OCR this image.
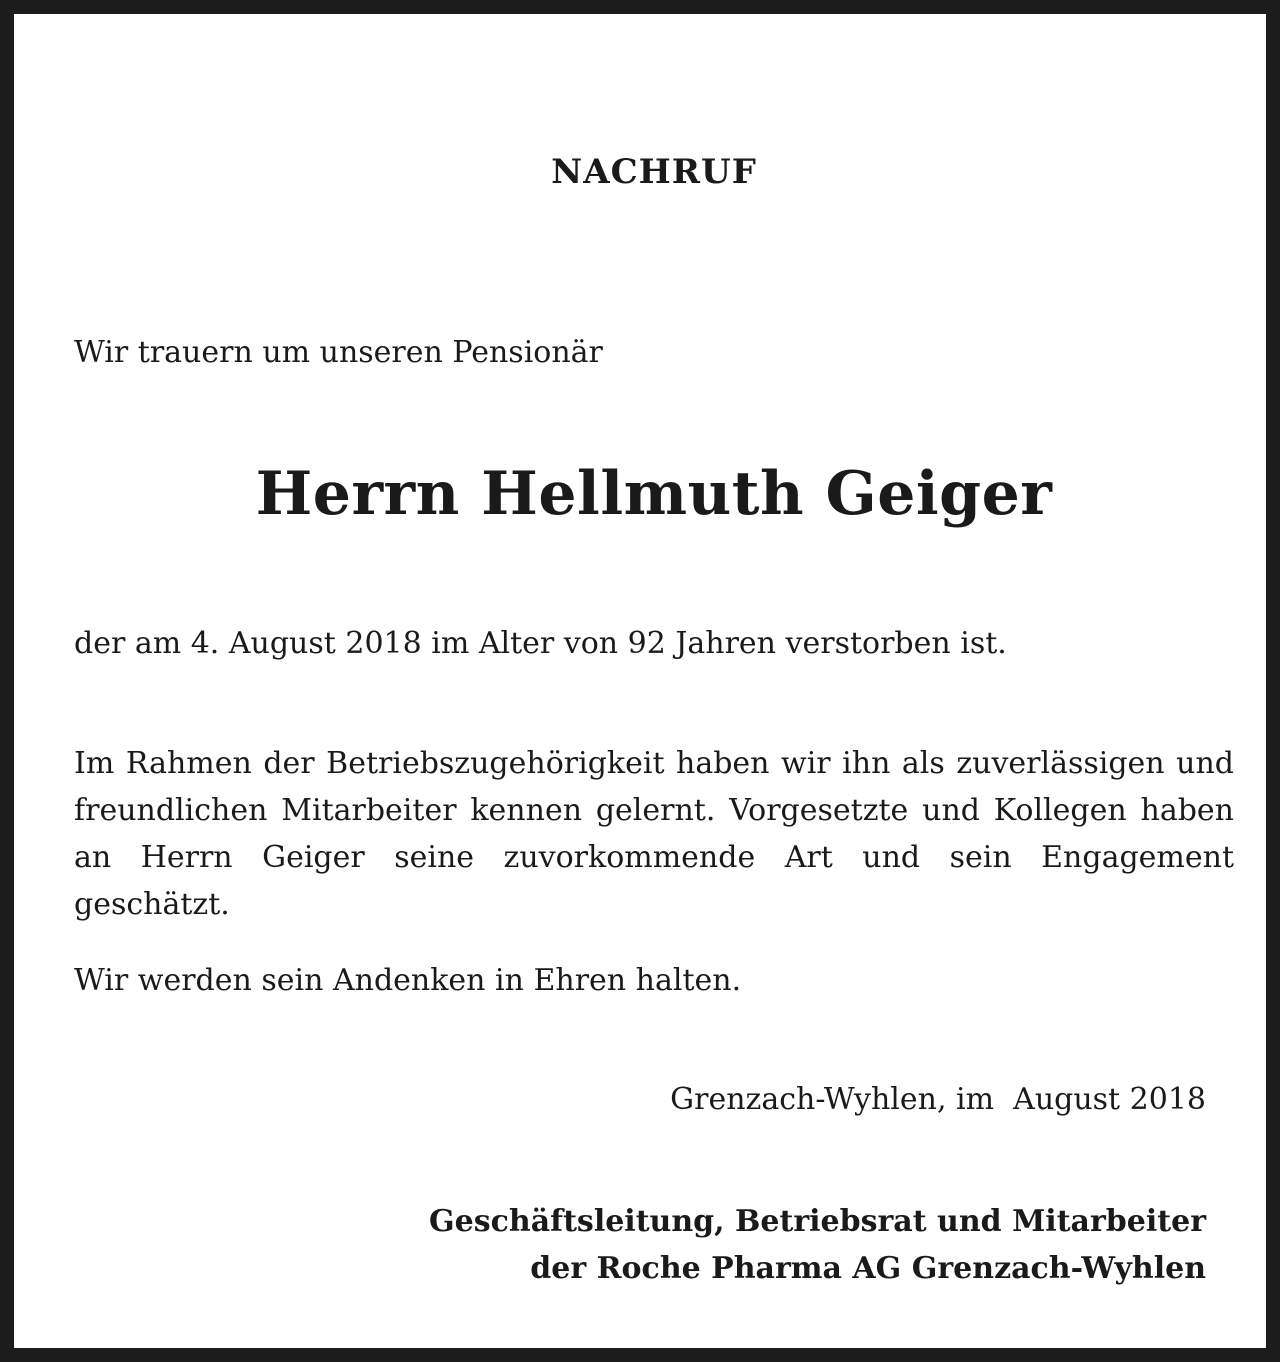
NACHRUF
Wir trauern um unseren Pensionär
Herrn Hellmuth Geiger
der am 4. August 2018 im Alter von 92 Jahren verstorben ist.
Im Rahmen der Betriebszugehörigkeit haben wir ihn als zuverlässigen und freundlichen Mitarbeiter kennen gelernt. Vorgesetzte und Kollegen haben an Herrn Geiger seine zuvorkommende Art und sein Engagement geschätzt.
Wir werden sein Andenken in Ehren halten.
Grenzach-Wyhlen, im  August 2018
Geschäftsleitung, Betriebsrat und Mitarbeiter
der Roche Pharma AG Grenzach-Wyhlen
